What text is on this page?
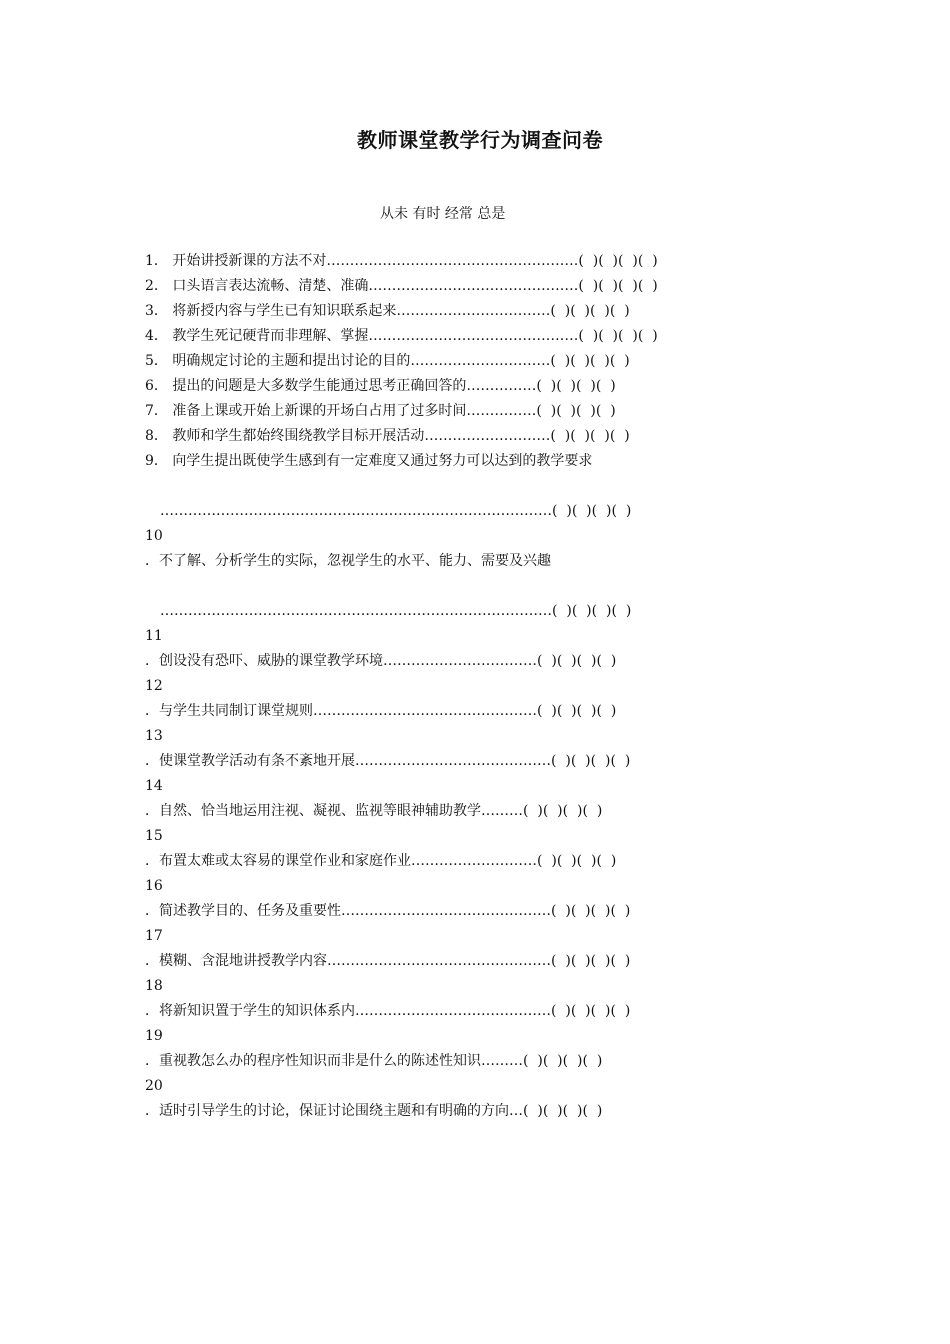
教师课堂教学行为调查问卷
从未 有时 经常 总是
1． 开始讲授新课的方法不对………………………………………………(  )(  )(  )(  )
2． 口头语言表达流畅、清楚、准确………………………………………(  )(  )(  )(  )
3． 将新授内容与学生已有知识联系起来……………………………(  )(  )(  )(  )
4． 教学生死记硬背而非理解、掌握………………………………………(  )(  )(  )(  )
5． 明确规定讨论的主题和提出讨论的目的…………………………(  )(  )(  )(  )
6． 提出的问题是大多数学生能通过思考正确回答的……………(  )(  )(  )(  )
7． 准备上课或开始上新课的开场白占用了过多时间……………(  )(  )(  )(  )
8． 教师和学生都始终围绕教学目标开展活动………………………(  )(  )(  )(  )
9． 向学生提出既使学生感到有一定难度又通过努力可以达到的教学要求
…………………………………………………………………………(  )(  )(  )(  )
10
．不了解、分析学生的实际，忽视学生的水平、能力、需要及兴趣
…………………………………………………………………………(  )(  )(  )(  )
11
．创设没有恐吓、威胁的课堂教学环境……………………………(  )(  )(  )(  )
12
．与学生共同制订课堂规则…………………………………………(  )(  )(  )(  )
13
．使课堂教学活动有条不紊地开展……………………………………(  )(  )(  )(  )
14
．自然、恰当地运用注视、凝视、监视等眼神辅助教学………(  )(  )(  )(  )
15
．布置太难或太容易的课堂作业和家庭作业………………………(  )(  )(  )(  )
16
．简述教学目的、任务及重要性………………………………………(  )(  )(  )(  )
17
．模糊、含混地讲授教学内容…………………………………………(  )(  )(  )(  )
18
．将新知识置于学生的知识体系内……………………………………(  )(  )(  )(  )
19
．重视教怎么办的程序性知识而非是什么的陈述性知识………(  )(  )(  )(  )
20
．适时引导学生的讨论，保证讨论围绕主题和有明确的方向…(  )(  )(  )(  )
